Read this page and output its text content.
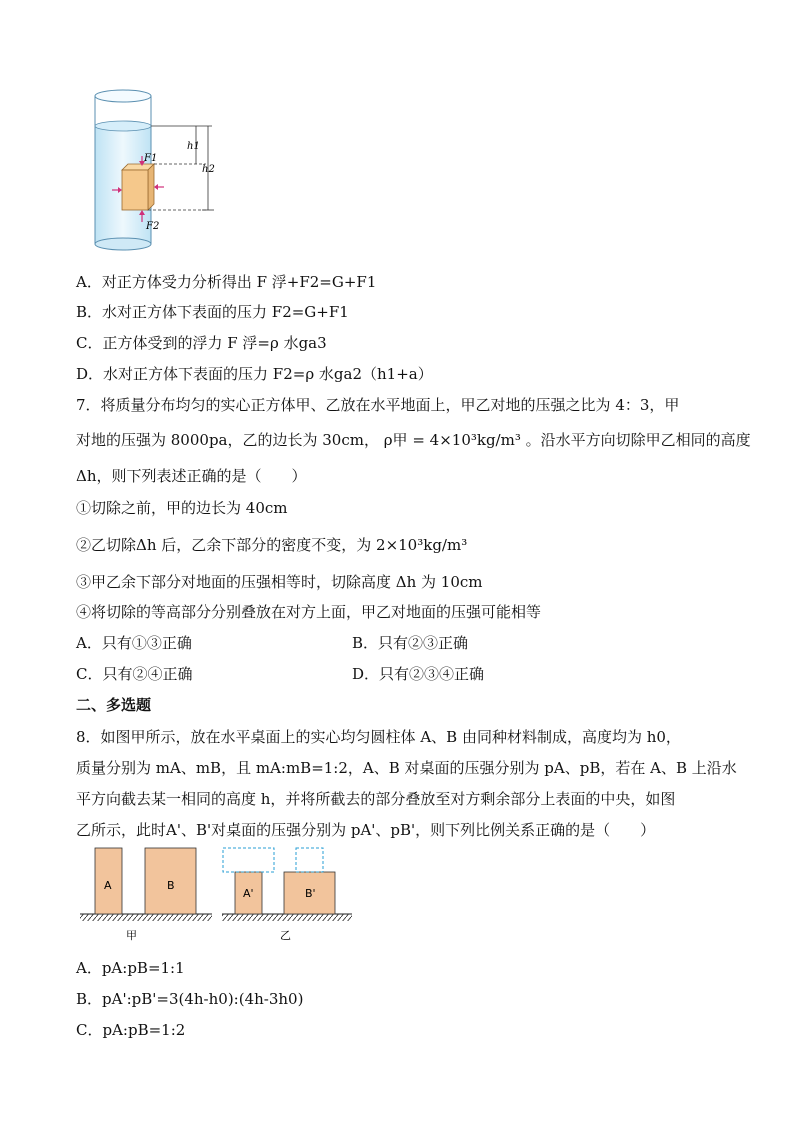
h1
h2
F1
F2
A．对正方体受力分析得出 F 浮+F2=G+F1
B．水对正方体下表面的压力 F2=G+F1
C．正方体受到的浮力 F 浮=ρ 水ga3
D．水对正方体下表面的压力 F2=ρ 水ga2（h1+a）
7．将质量分布均匀的实心正方体甲、乙放在水平地面上，甲乙对地的压强之比为 4：3，甲
对地的压强为 8000pa，乙的边长为 30cm， ρ甲 = 4×10³kg/m³ 。沿水平方向切除甲乙相同的高度
Δh，则下列表述正确的是（　　）
①切除之前，甲的边长为 40cm
②乙切除Δh 后，乙余下部分的密度不变，为 2×10³kg/m³
③甲乙余下部分对地面的压强相等时，切除高度 Δh 为 10cm
④将切除的等高部分分别叠放在对方上面，甲乙对地面的压强可能相等
A．只有①③正确	B．只有②③正确
C．只有②④正确	D．只有②③④正确
二、多选题
8．如图甲所示，放在水平桌面上的实心均匀圆柱体 A、B 由同种材料制成，高度均为 h0，
质量分别为 mA、mB，且 mA:mB=1:2，A、B 对桌面的压强分别为 pA、pB，若在 A、B 上沿水
平方向截去某一相同的高度 h，并将所截去的部分叠放至对方剩余部分上表面的中央，如图
乙所示，此时A'、B'对桌面的压强分别为 pA'、pB'，则下列比例关系正确的是（　　）
A	B
A'	B'
甲	乙
A．pA:pB=1:1
B．pA':pB'=3(4h-h0):(4h-3h0)
C．pA:pB=1:2
